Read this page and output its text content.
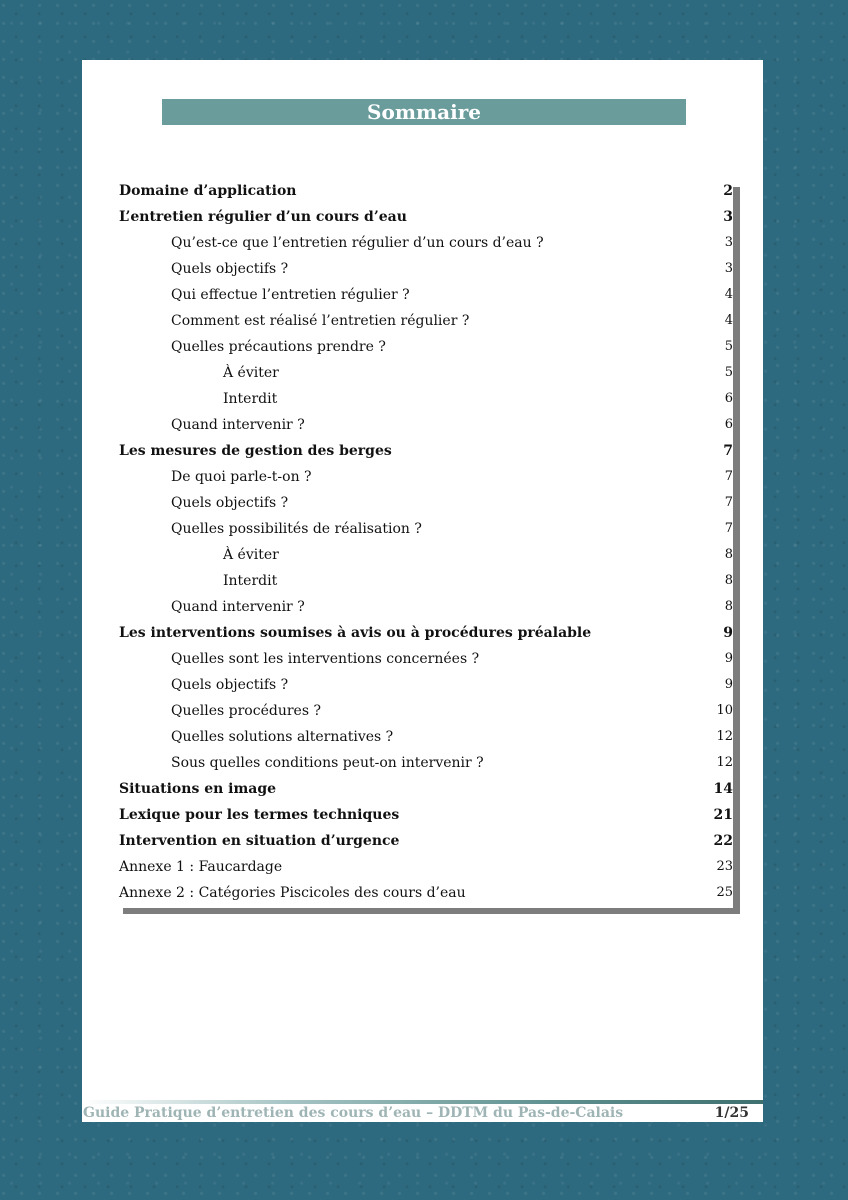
Sommaire
Domaine d’application	2
L’entretien régulier d’un cours d’eau	3
Qu’est-ce que l’entretien régulier d’un cours d’eau ?	3
Quels objectifs ?	3
Qui effectue l’entretien régulier ?	4
Comment est réalisé l’entretien régulier ?	4
Quelles précautions prendre ?	5
À éviter	5
Interdit	6
Quand intervenir ?	6
Les mesures de gestion des berges	7
De quoi parle-t-on ?	7
Quels objectifs ?	7
Quelles possibilités de réalisation ?	7
À éviter	8
Interdit	8
Quand intervenir ?	8
Les interventions soumises à avis ou à procédures préalable	9
Quelles sont les interventions concernées ?	9
Quels objectifs ?	9
Quelles procédures ?	10
Quelles solutions alternatives ?	12
Sous quelles conditions peut-on intervenir ?	12
Situations en image	14
Lexique pour les termes techniques	21
Intervention en situation d’urgence	22
Annexe 1 : Faucardage	23
Annexe 2 : Catégories Piscicoles des cours d’eau	25
Guide Pratique d’entretien des cours d’eau – DDTM du Pas-de-Calais	1/25
